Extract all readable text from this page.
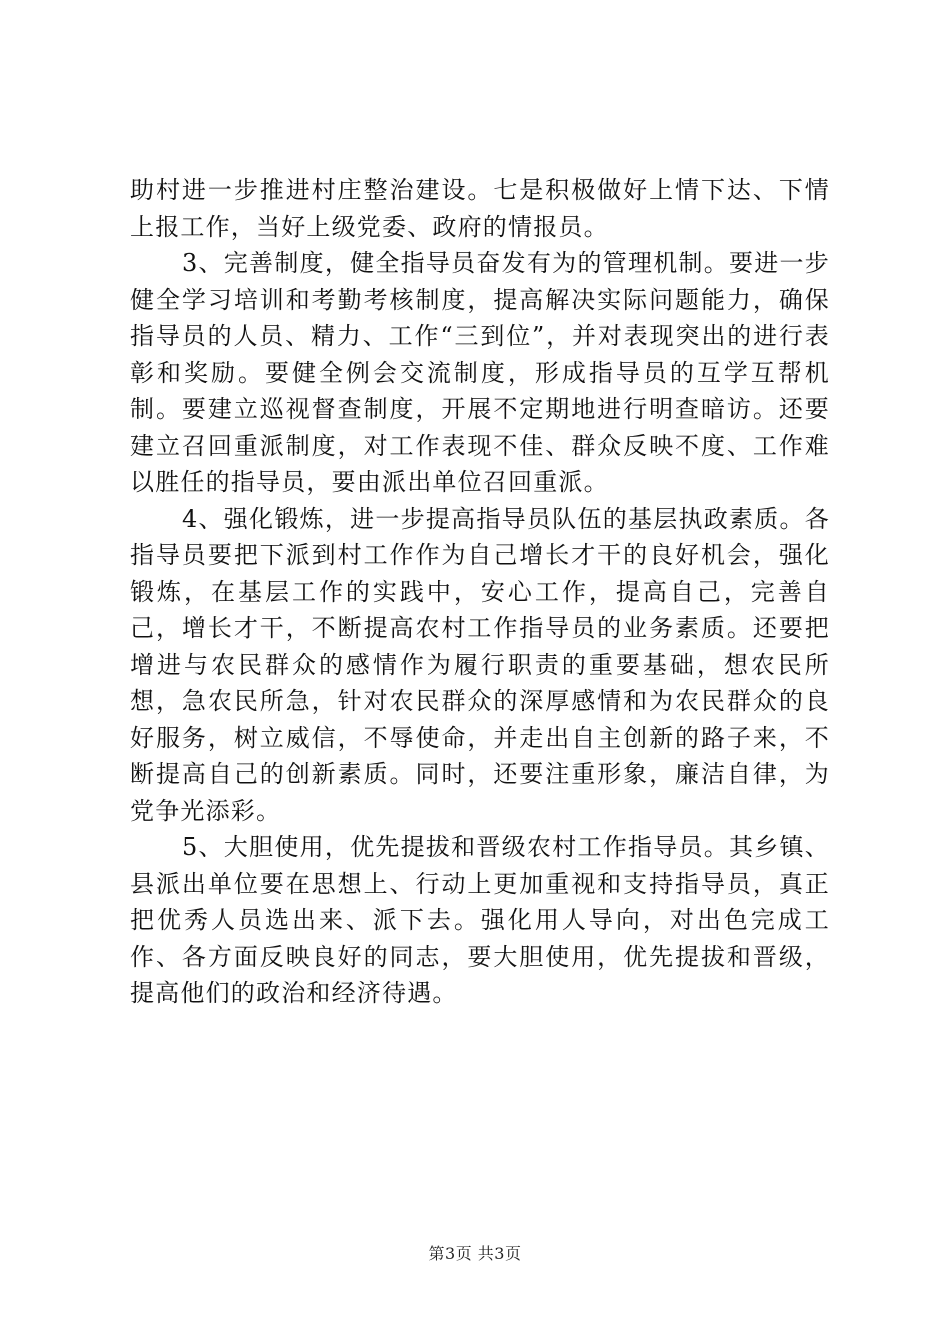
助村进一步推进村庄整治建设。七是积极做好上情下达、下情上报工作，当好上级党委、政府的情报员。

3、完善制度，健全指导员奋发有为的管理机制。要进一步健全学习培训和考勤考核制度，提高解决实际问题能力，确保指导员的人员、精力、工作“三到位”，并对表现突出的进行表彰和奖励。要健全例会交流制度，形成指导员的互学互帮机制。要建立巡视督查制度，开展不定期地进行明查暗访。还要建立召回重派制度，对工作表现不佳、群众反映不度、工作难以胜任的指导员，要由派出单位召回重派。

4、强化锻炼，进一步提高指导员队伍的基层执政素质。各指导员要把下派到村工作作为自己增长才干的良好机会，强化锻炼，在基层工作的实践中，安心工作，提高自己，完善自己，增长才干，不断提高农村工作指导员的业务素质。还要把增进与农民群众的感情作为履行职责的重要基础，想农民所想，急农民所急，针对农民群众的深厚感情和为农民群众的良好服务，树立威信，不辱使命，并走出自主创新的路子来，不断提高自己的创新素质。同时，还要注重形象，廉洁自律，为党争光添彩。

5、大胆使用，优先提拔和晋级农村工作指导员。其乡镇、县派出单位要在思想上、行动上更加重视和支持指导员，真正把优秀人员选出来、派下去。强化用人导向，对出色完成工作、各方面反映良好的同志，要大胆使用，优先提拔和晋级，提高他们的政治和经济待遇。

第3页 共3页
